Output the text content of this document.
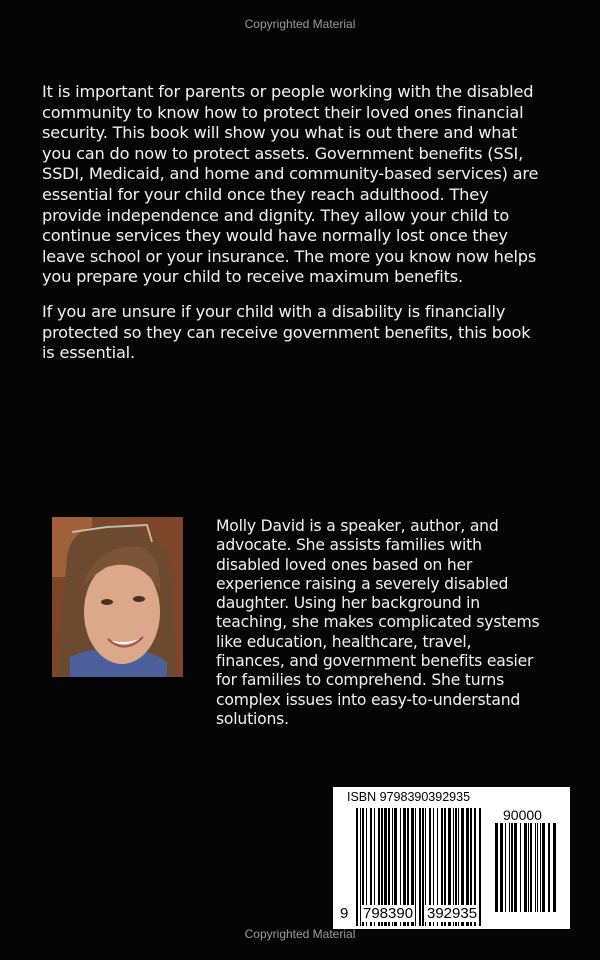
Copyrighted Material
It is important for parents or people working with the disabled
community to know how to protect their loved ones financial
security. This book will show you what is out there and what
you can do now to protect assets. Government benefits (SSI,
SSDI, Medicaid, and home and community-based services) are
essential for your child once they reach adulthood. They
provide independence and dignity. They allow your child to
continue services they would have normally lost once they
leave school or your insurance. The more you know now helps
you prepare your child to receive maximum benefits.
If you are unsure if your child with a disability is financially
protected so they can receive government benefits, this book
is essential.
Molly David is a speaker, author, and
advocate. She assists families with
disabled loved ones based on her
experience raising a severely disabled
daughter. Using her background in
teaching, she makes complicated systems
like education, healthcare, travel,
finances, and government benefits easier
for families to comprehend. She turns
complex issues into easy-to-understand
solutions.
ISBN 9798390392935
90000
9 798390 392935
Copyrighted Material
